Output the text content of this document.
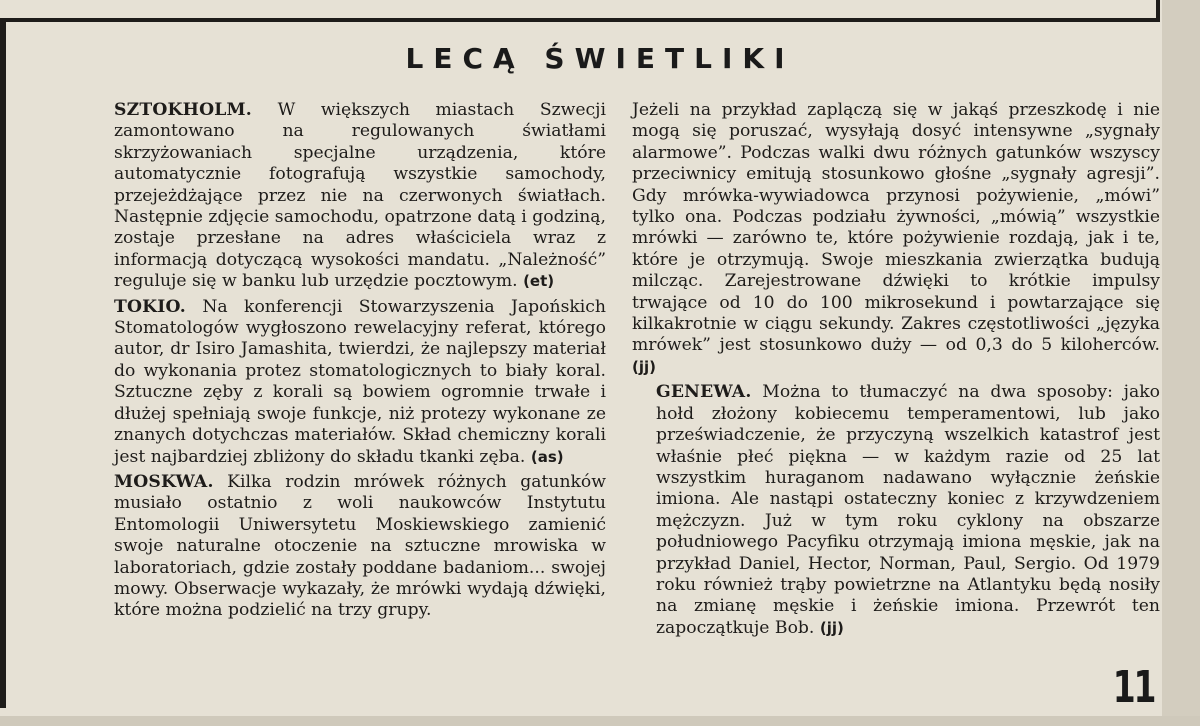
LECĄ ŚWIETLIKI

SZTOKHOLM. W większych miastach Szwecji zamontowano na regulowanych światłami skrzyżowaniach specjalne urządzenia, które automatycznie fotografują wszystkie samochody, przejeżdżające przez nie na czerwonych światłach. Następnie zdjęcie samochodu, opatrzone datą i godziną, zostaje przesłane na adres właściciela wraz z informacją dotyczącą wysokości mandatu. „Należność” reguluje się w banku lub urzędzie pocztowym. (et)

TOKIO. Na konferencji Stowarzyszenia Japońskich Stomatologów wygłoszono rewelacyjny referat, którego autor, dr Isiro Jamashita, twierdzi, że najlepszy materiał do wykonania protez stomatologicznych to biały koral. Sztuczne zęby z korali są bowiem ogromnie trwałe i dłużej spełniają swoje funkcje, niż protezy wykonane ze znanych dotychczas materiałów. Skład chemiczny korali jest najbardziej zbliżony do składu tkanki zęba. (as)

MOSKWA. Kilka rodzin mrówek różnych gatunków musiało ostatnio z woli naukowców Instytutu Entomologii Uniwersytetu Moskiewskiego zamienić swoje naturalne otoczenie na sztuczne mrowiska w laboratoriach, gdzie zostały poddane badaniom... swojej mowy. Obserwacje wykazały, że mrówki wydają dźwięki, które można podzielić na trzy grupy.

Jeżeli na przykład zaplączą się w jakąś przeszkodę i nie mogą się poruszać, wysyłają dosyć intensywne „sygnały alarmowe”. Podczas walki dwu różnych gatunków wszyscy przeciwnicy emitują stosunkowo głośne „sygnały agresji”. Gdy mrówka-wywiadowca przynosi pożywienie, „mówi” tylko ona. Podczas podziału żywności, „mówią” wszystkie mrówki — zarówno te, które pożywienie rozdają, jak i te, które je otrzymują. Swoje mieszkania zwierzątka budują milcząc. Zarejestrowane dźwięki to krótkie impulsy trwające od 10 do 100 mikrosekund i powtarzające się kilkakrotnie w ciągu sekundy. Zakres częstotliwości „języka mrówek” jest stosunkowo duży — od 0,3 do 5 kiloherców. (jj)

GENEWA. Można to tłumaczyć na dwa sposoby: jako hołd złożony kobiecemu temperamentowi, lub jako przeświadczenie, że przyczyną wszelkich katastrof jest właśnie płeć piękna — w każdym razie od 25 lat wszystkim huraganom nadawano wyłącznie żeńskie imiona. Ale nastąpi ostateczny koniec z krzywdzeniem mężczyzn. Już w tym roku cyklony na obszarze południowego Pacyfiku otrzymają imiona męskie, jak na przykład Daniel, Hector, Norman, Paul, Sergio. Od 1979 roku również trąby powietrzne na Atlantyku będą nosiły na zmianę męskie i żeńskie imiona. Przewrót ten zapoczątkuje Bob. (jj)

11
